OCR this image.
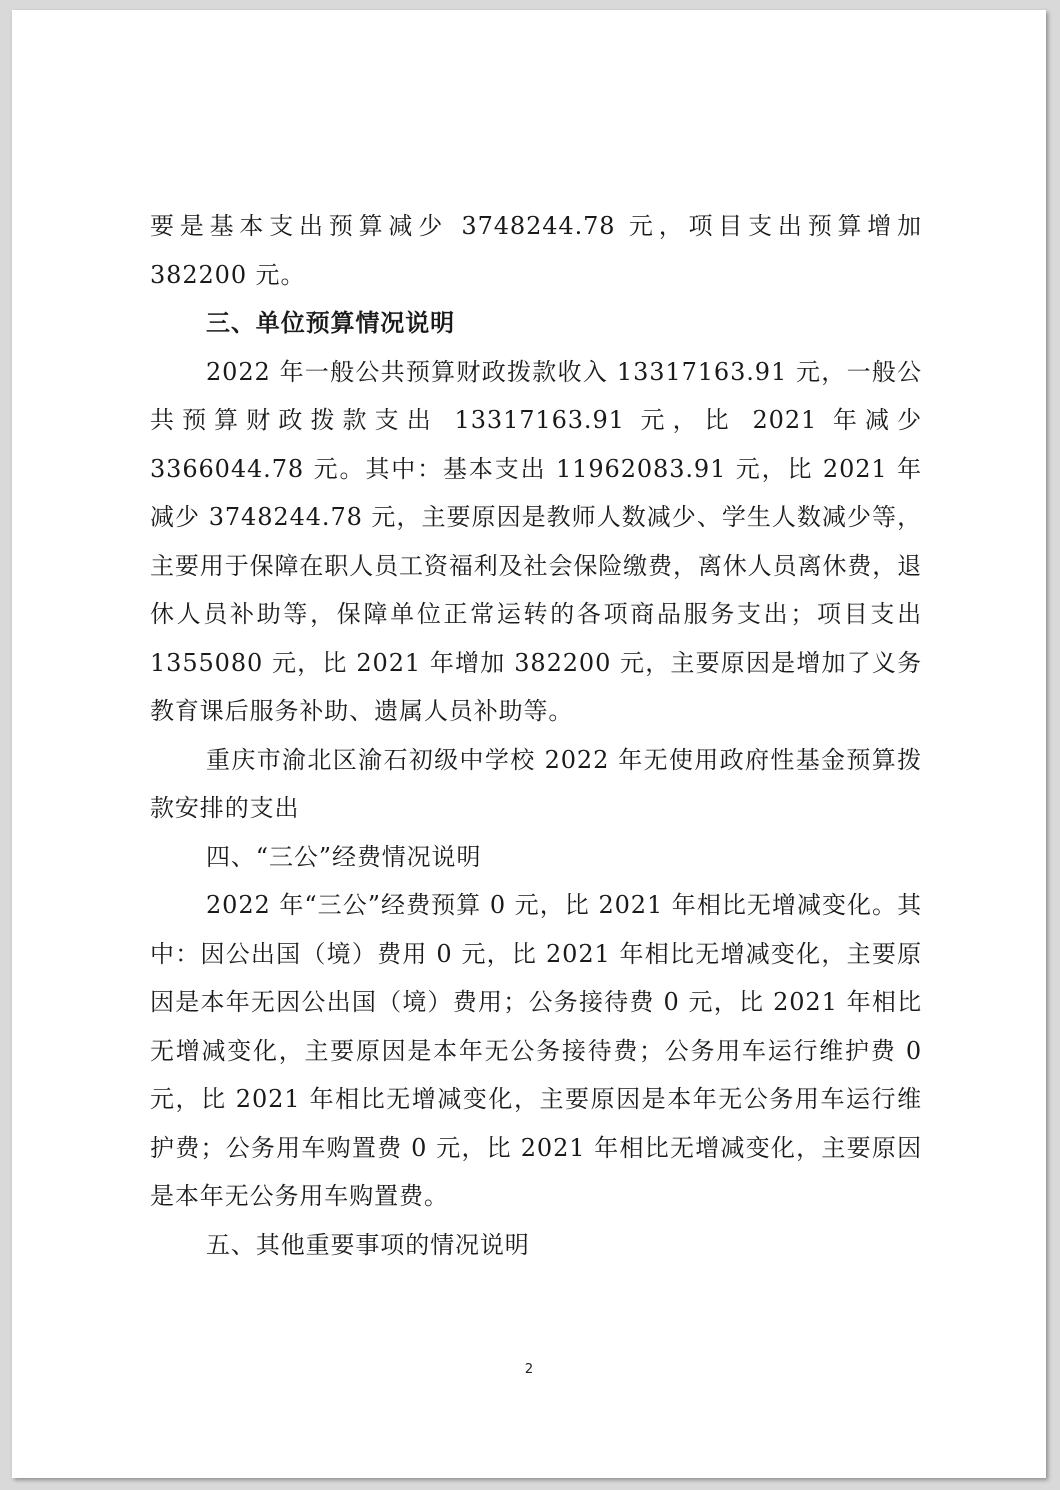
要是基本支出预算减少 3748244.78 元，项目支出预算增加 382200 元。

三、单位预算情况说明

2022 年一般公共预算财政拨款收入 13317163.91 元，一般公共预算财政拨款支出 13317163.91 元，比 2021 年减少 3366044.78 元。其中：基本支出 11962083.91 元，比 2021 年减少 3748244.78 元，主要原因是教师人数减少、学生人数减少等，主要用于保障在职人员工资福利及社会保险缴费，离休人员离休费，退休人员补助等，保障单位正常运转的各项商品服务支出；项目支出 1355080 元，比 2021 年增加 382200 元，主要原因是增加了义务教育课后服务补助、遗属人员补助等。

重庆市渝北区渝石初级中学校 2022 年无使用政府性基金预算拨款安排的支出

四、“三公”经费情况说明

2022 年“三公”经费预算 0 元，比 2021 年相比无增减变化。其中：因公出国（境）费用 0 元，比 2021 年相比无增减变化，主要原因是本年无因公出国（境）费用；公务接待费 0 元，比 2021 年相比无增减变化，主要原因是本年无公务接待费；公务用车运行维护费 0 元，比 2021 年相比无增减变化，主要原因是本年无公务用车运行维护费；公务用车购置费 0 元，比 2021 年相比无增减变化，主要原因是本年无公务用车购置费。

五、其他重要事项的情况说明

2
